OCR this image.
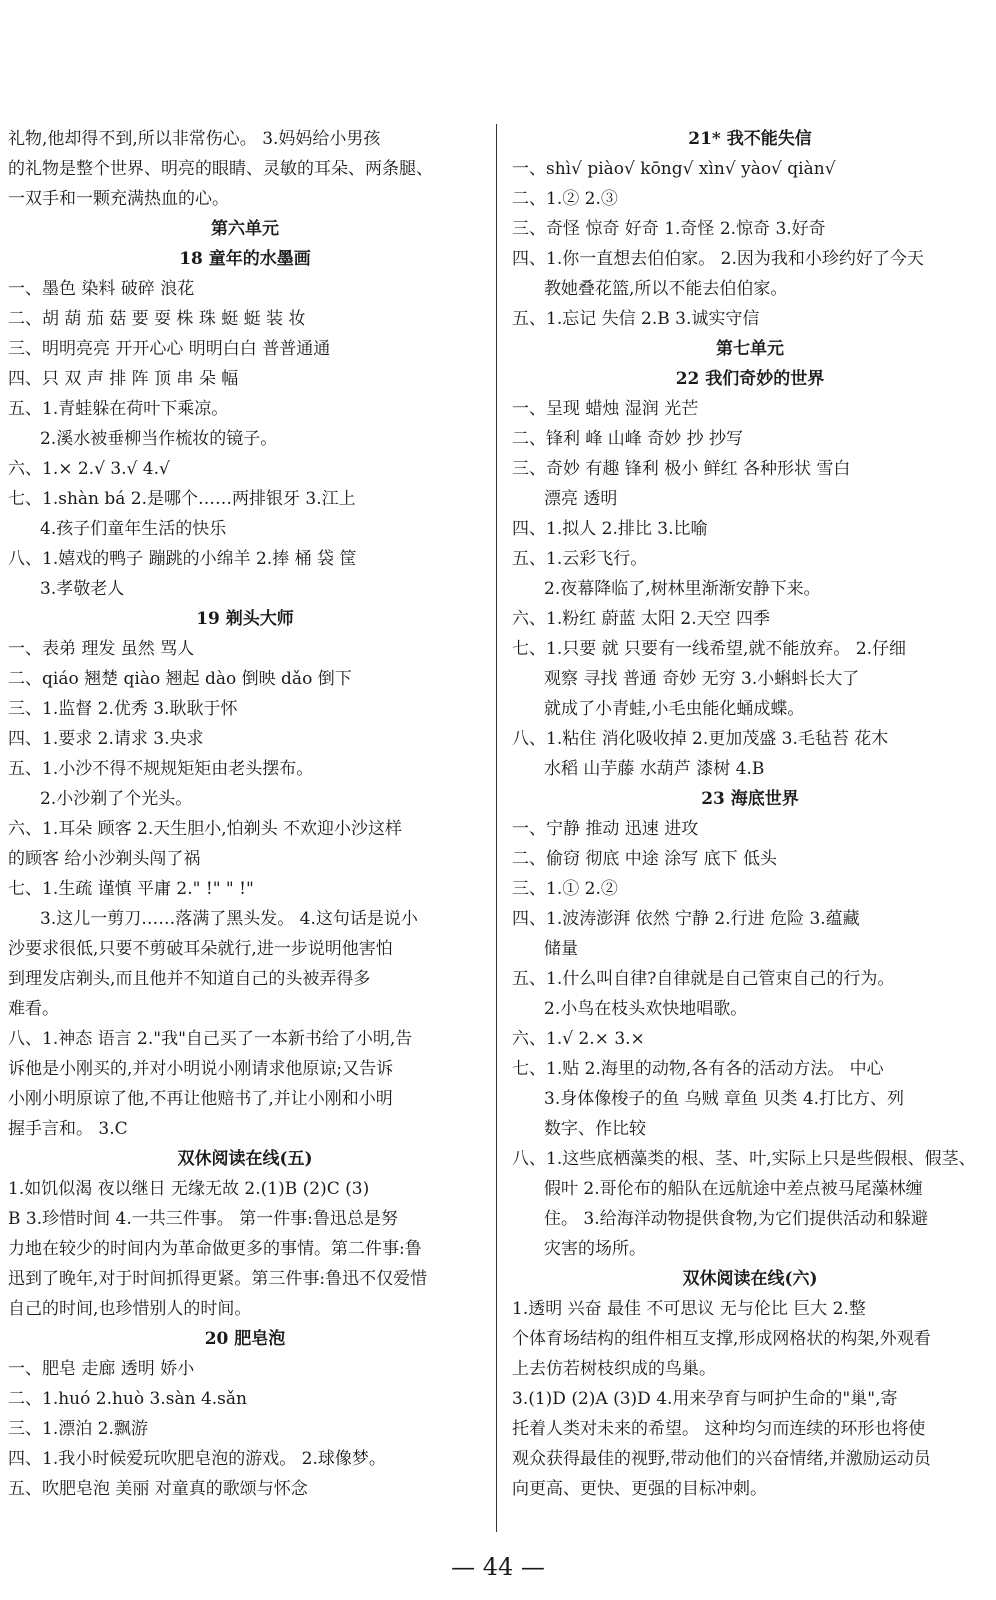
礼物,他却得不到,所以非常伤心。 3.妈妈给小男孩
的礼物是整个世界、明亮的眼睛、灵敏的耳朵、两条腿、
一双手和一颗充满热血的心。
第六单元
18 童年的水墨画
一、墨色 染料 破碎 浪花
二、胡 葫 茄 菇 要 耍 株 珠 蜓 蜓 装 妆
三、明明亮亮 开开心心 明明白白 普普通通
四、只 双 声 排 阵 顶 串 朵 幅
五、1.青蛙躲在荷叶下乘凉。
2.溪水被垂柳当作梳妆的镜子。
六、1.× 2.√ 3.√ 4.√
七、1.shàn bá 2.是哪个……两排银牙 3.江上
4.孩子们童年生活的快乐
八、1.嬉戏的鸭子 蹦跳的小绵羊 2.捧 桶 袋 筐
3.孝敬老人
19 剃头大师
一、表弟 理发 虽然 骂人
二、qiáo 翘楚 qiào 翘起 dào 倒映 dǎo 倒下
三、1.监督 2.优秀 3.耿耿于怀
四、1.要求 2.请求 3.央求
五、1.小沙不得不规规矩矩由老头摆布。
2.小沙剃了个光头。
六、1.耳朵 顾客 2.天生胆小,怕剃头 不欢迎小沙这样
的顾客 给小沙剃头闯了祸
七、1.生疏 谨慎 平庸 2." !" " !"
3.这儿一剪刀……落满了黑头发。 4.这句话是说小
沙要求很低,只要不剪破耳朵就行,进一步说明他害怕
到理发店剃头,而且他并不知道自己的头被弄得多
难看。
八、1.神态 语言 2."我"自己买了一本新书给了小明,告
诉他是小刚买的,并对小明说小刚请求他原谅;又告诉
小刚小明原谅了他,不再让他赔书了,并让小刚和小明
握手言和。 3.C
双休阅读在线(五)
1.如饥似渴 夜以继日 无缘无故 2.(1)B (2)C (3)
B 3.珍惜时间 4.一共三件事。 第一件事:鲁迅总是努
力地在较少的时间内为革命做更多的事情。第二件事:鲁
迅到了晚年,对于时间抓得更紧。第三件事:鲁迅不仅爱惜
自己的时间,也珍惜别人的时间。
20 肥皂泡
一、肥皂 走廊 透明 娇小
二、1.huó 2.huò 3.sàn 4.sǎn
三、1.漂泊 2.飘游
四、1.我小时候爱玩吹肥皂泡的游戏。 2.球像梦。
五、吹肥皂泡 美丽 对童真的歌颂与怀念
21* 我不能失信
一、shì√ piào√ kōng√ xìn√ yào√ qiàn√
二、1.② 2.③
三、奇怪 惊奇 好奇 1.奇怪 2.惊奇 3.好奇
四、1.你一直想去伯伯家。 2.因为我和小珍约好了今天
教她叠花篮,所以不能去伯伯家。
五、1.忘记 失信 2.B 3.诚实守信
第七单元
22 我们奇妙的世界
一、呈现 蜡烛 湿润 光芒
二、锋利 峰 山峰 奇妙 抄 抄写
三、奇妙 有趣 锋利 极小 鲜红 各种形状 雪白
漂亮 透明
四、1.拟人 2.排比 3.比喻
五、1.云彩飞行。
2.夜幕降临了,树林里渐渐安静下来。
六、1.粉红 蔚蓝 太阳 2.天空 四季
七、1.只要 就 只要有一线希望,就不能放弃。 2.仔细
观察 寻找 普通 奇妙 无穷 3.小蝌蚪长大了
就成了小青蛙,小毛虫能化蛹成蝶。
八、1.粘住 消化吸收掉 2.更加茂盛 3.毛毡苔 花木
水稻 山芋藤 水葫芦 漆树 4.B
23 海底世界
一、宁静 推动 迅速 进攻
二、偷窃 彻底 中途 涂写 底下 低头
三、1.① 2.②
四、1.波涛澎湃 依然 宁静 2.行进 危险 3.蕴藏
储量
五、1.什么叫自律?自律就是自己管束自己的行为。
2.小鸟在枝头欢快地唱歌。
六、1.√ 2.× 3.×
七、1.贴 2.海里的动物,各有各的活动方法。 中心
3.身体像梭子的鱼 乌贼 章鱼 贝类 4.打比方、列
数字、作比较
八、1.这些底栖藻类的根、茎、叶,实际上只是些假根、假茎、
假叶 2.哥伦布的船队在远航途中差点被马尾藻林缠
住。 3.给海洋动物提供食物,为它们提供活动和躲避
灾害的场所。
双休阅读在线(六)
1.透明 兴奋 最佳 不可思议 无与伦比 巨大 2.整
个体育场结构的组件相互支撑,形成网格状的构架,外观看
上去仿若树枝织成的鸟巢。
3.(1)D (2)A (3)D 4.用来孕育与呵护生命的"巢",寄
托着人类对未来的希望。 这种均匀而连续的环形也将使
观众获得最佳的视野,带动他们的兴奋情绪,并激励运动员
向更高、更快、更强的目标冲刺。
— 44 —
